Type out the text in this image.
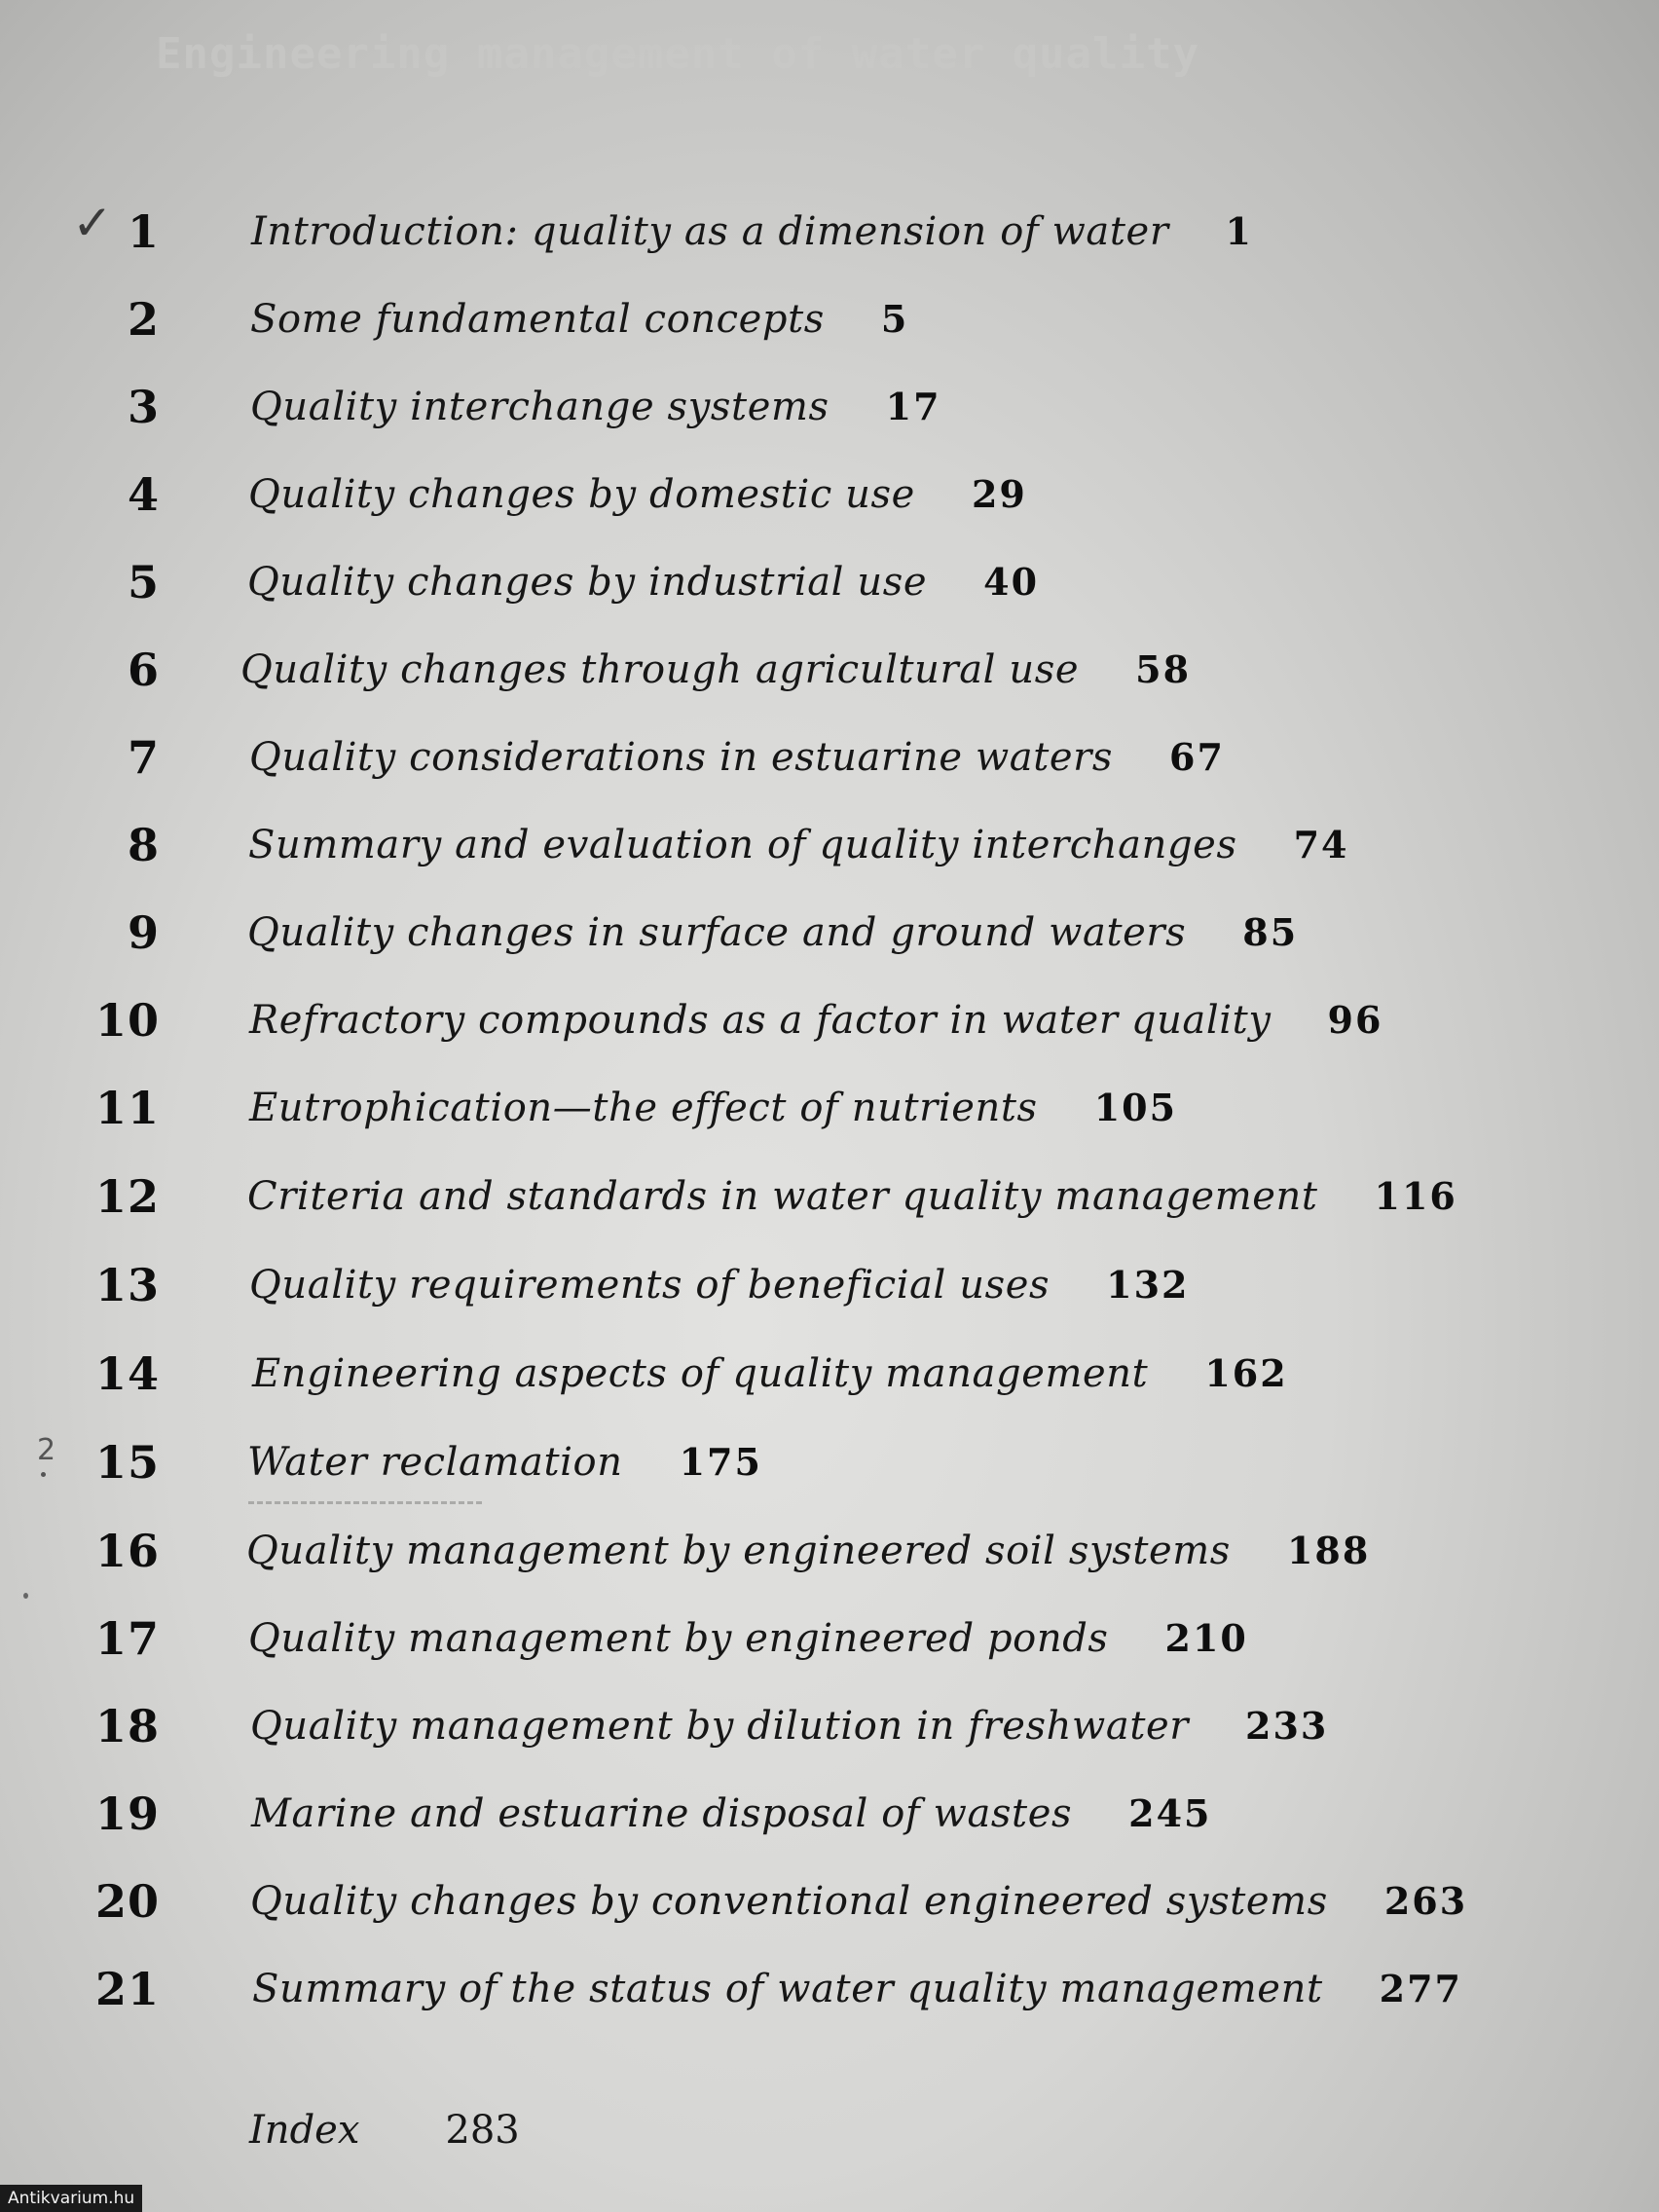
Engineering management of water quality
✓
2
1 Introduction: quality as a dimension of water 1
2 Some fundamental concepts 5
3 Quality interchange systems 17
4 Quality changes by domestic use 29
5 Quality changes by industrial use 40
6 Quality changes through agricultural use 58
7 Quality considerations in estuarine waters 67
8 Summary and evaluation of quality interchanges 74
9 Quality changes in surface and ground waters 85
10 Refractory compounds as a factor in water quality 96
11 Eutrophication—the effect of nutrients 105
12 Criteria and standards in water quality management 116
13 Quality requirements of beneficial uses 132
14 Engineering aspects of quality management 162
15 Water reclamation 175
16 Quality management by engineered soil systems 188
17 Quality management by engineered ponds 210
18 Quality management by dilution in freshwater 233
19 Marine and estuarine disposal of wastes 245
20 Quality changes by conventional engineered systems 263
21 Summary of the status of water quality management 277
Index 283
Antikvarium.hu
